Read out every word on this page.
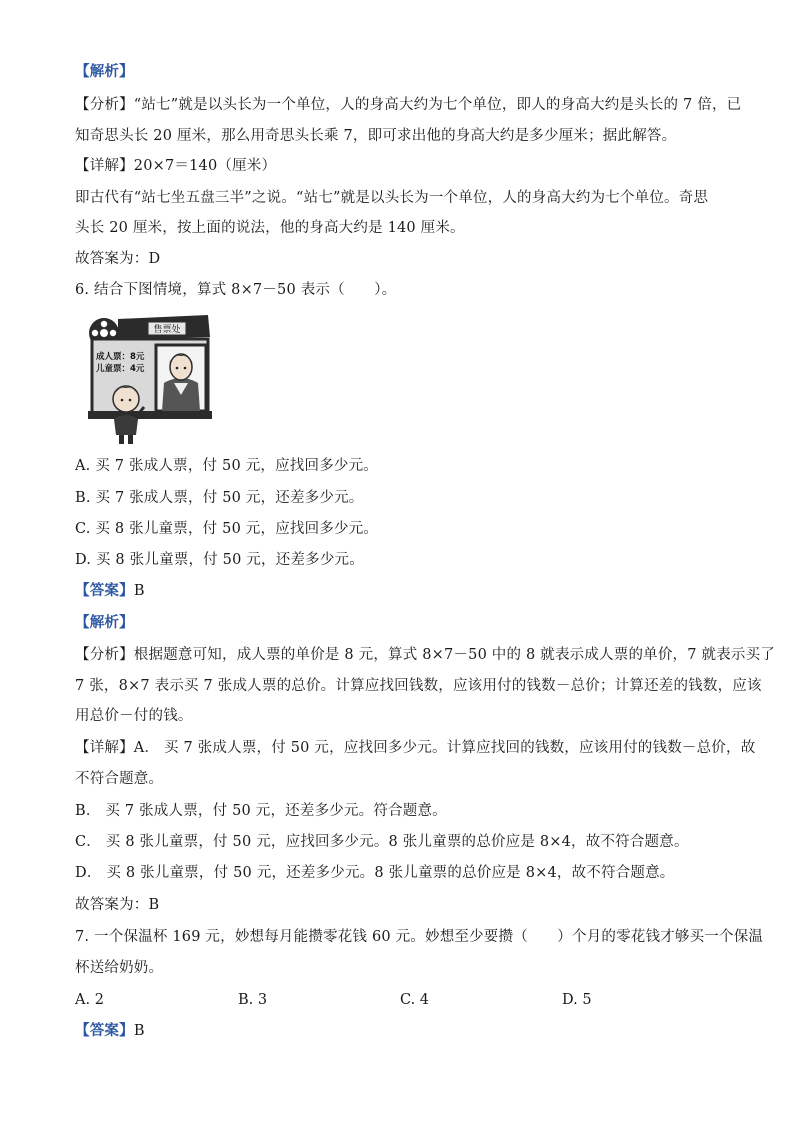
【解析】
【分析】“站七”就是以头长为一个单位，人的身高大约为七个单位，即人的身高大约是头长的 7 倍，已
知奇思头长 20 厘米，那么用奇思头长乘 7，即可求出他的身高大约是多少厘米；据此解答。
【详解】20×7＝140（厘米）
即古代有“站七坐五盘三半”之说。“站七”就是以头长为一个单位，人的身高大约为七个单位。奇思
头长 20 厘米，按上面的说法，他的身高大约是 140 厘米。
故答案为：D
6. 结合下图情境，算式 8×7－50 表示（　　）。
售票处
成人票：8元
儿童票：4元
A. 买 7 张成人票，付 50 元，应找回多少元。
B. 买 7 张成人票，付 50 元，还差多少元。
C. 买 8 张儿童票，付 50 元，应找回多少元。
D. 买 8 张儿童票，付 50 元，还差多少元。
【答案】B
【解析】
【分析】根据题意可知，成人票的单价是 8 元，算式 8×7－50 中的 8 就表示成人票的单价，7 就表示买了
7 张，8×7 表示买 7 张成人票的总价。计算应找回钱数，应该用付的钱数－总价；计算还差的钱数，应该
用总价－付的钱。
【详解】A． 买 7 张成人票，付 50 元，应找回多少元。计算应找回的钱数，应该用付的钱数－总价，故
不符合题意。
B． 买 7 张成人票，付 50 元，还差多少元。符合题意。
C． 买 8 张儿童票，付 50 元，应找回多少元。8 张儿童票的总价应是 8×4，故不符合题意。
D． 买 8 张儿童票，付 50 元，还差多少元。8 张儿童票的总价应是 8×4，故不符合题意。
故答案为：B
7. 一个保温杯 169 元，妙想每月能攒零花钱 60 元。妙想至少要攒（　　）个月的零花钱才够买一个保温
杯送给奶奶。
A. 2	B. 3	C. 4	D. 5
【答案】B
